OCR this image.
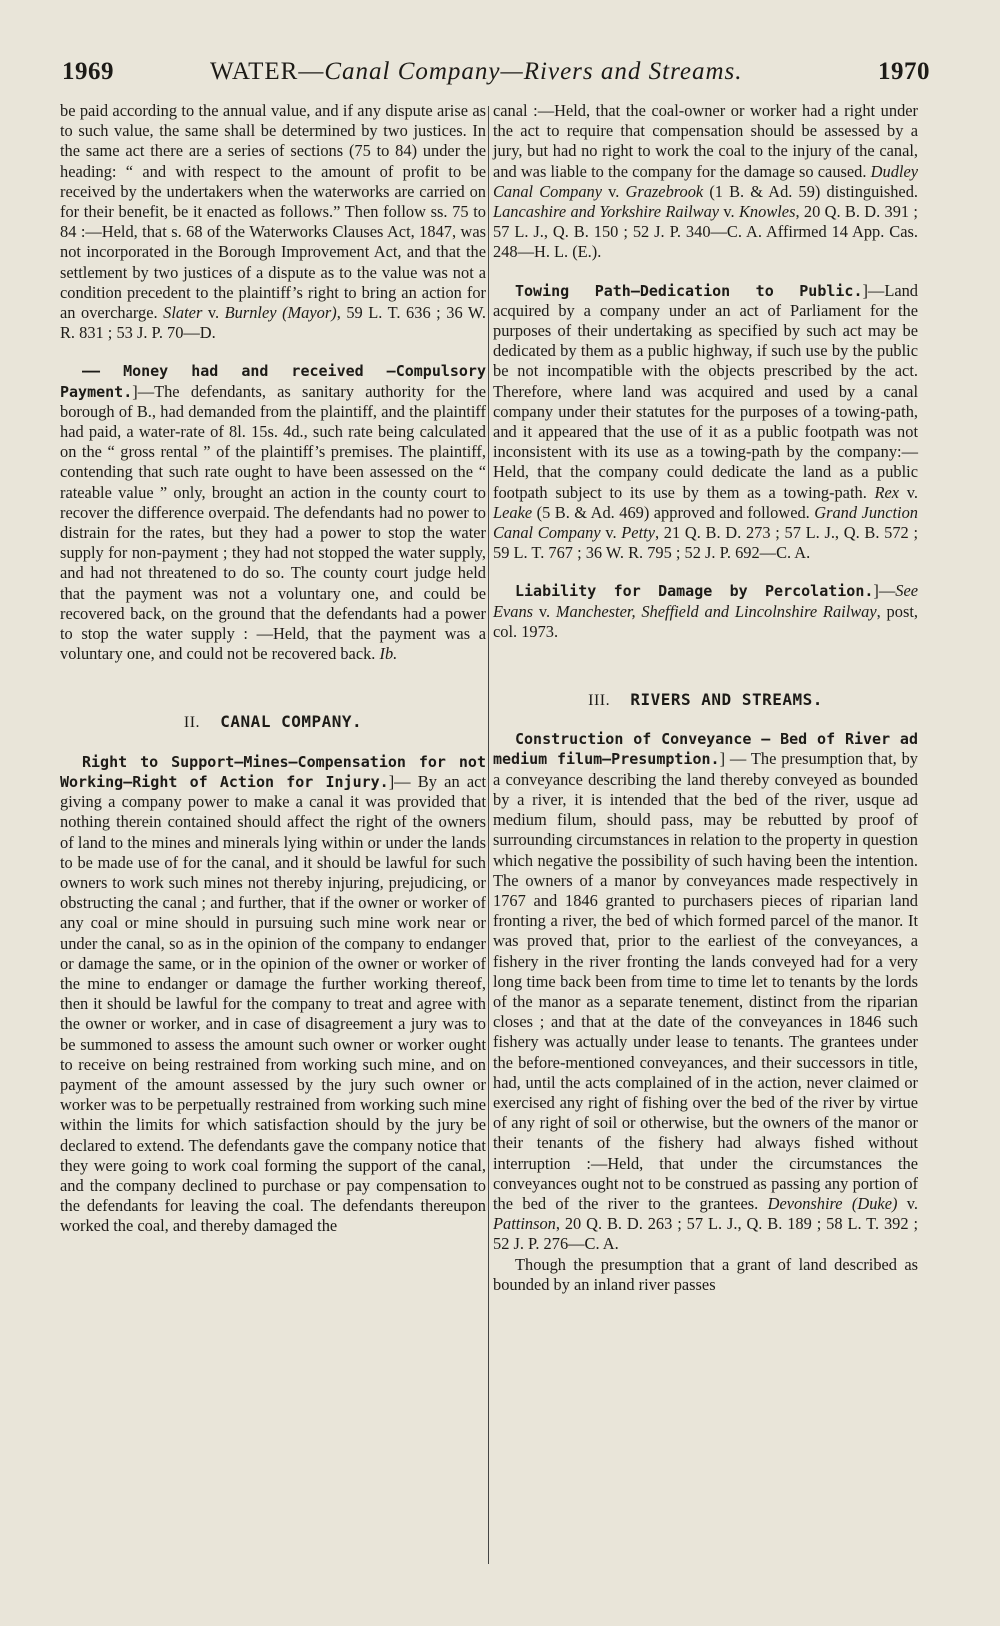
1969	WATER—Canal Company—Rivers and Streams.	1970

be paid according to the annual value, and if any dispute arise as to such value, the same shall be determined by two justices. In the same act there are a series of sections (75 to 84) under the heading: “ and with respect to the amount of profit to be received by the undertakers when the waterworks are carried on for their benefit, be it enacted as follows.” Then follow ss. 75 to 84 :—Held, that s. 68 of the Waterworks Clauses Act, 1847, was not incorporated in the Borough Improvement Act, and that the settlement by two justices of a dispute as to the value was not a condition precedent to the plaintiff’s right to bring an action for an overcharge. Slater v. Burnley (Mayor), 59 L. T. 636 ; 36 W. R. 831 ; 53 J. P. 70—D.

—— Money had and received —Compulsory Payment.]—The defendants, as sanitary authority for the borough of B., had demanded from the plaintiff, and the plaintiff had paid, a water-rate of 8l. 15s. 4d., such rate being calculated on the “ gross rental ” of the plaintiff’s premises. The plaintiff, contending that such rate ought to have been assessed on the “ rateable value ” only, brought an action in the county court to recover the difference overpaid. The defendants had no power to distrain for the rates, but they had a power to stop the water supply for non-payment ; they had not stopped the water supply, and had not threatened to do so. The county court judge held that the payment was not a voluntary one, and could be recovered back, on the ground that the defendants had a power to stop the water supply : —Held, that the payment was a voluntary one, and could not be recovered back. Ib.

II. CANAL COMPANY.

Right to Support—Mines—Compensation for not Working—Right of Action for Injury.]— By an act giving a company power to make a canal it was provided that nothing therein contained should affect the right of the owners of land to the mines and minerals lying within or under the lands to be made use of for the canal, and it should be lawful for such owners to work such mines not thereby injuring, prejudicing, or obstructing the canal ; and further, that if the owner or worker of any coal or mine should in pursuing such mine work near or under the canal, so as in the opinion of the company to endanger or damage the same, or in the opinion of the owner or worker of the mine to endanger or damage the further working thereof, then it should be lawful for the company to treat and agree with the owner or worker, and in case of disagreement a jury was to be summoned to assess the amount such owner or worker ought to receive on being restrained from working such mine, and on payment of the amount assessed by the jury such owner or worker was to be perpetually restrained from working such mine within the limits for which satisfaction should by the jury be declared to extend. The defendants gave the company notice that they were going to work coal forming the support of the canal, and the company declined to purchase or pay compensation to the defendants for leaving the coal. The defendants thereupon worked the coal, and thereby damaged the

canal :—Held, that the coal-owner or worker had a right under the act to require that compensation should be assessed by a jury, but had no right to work the coal to the injury of the canal, and was liable to the company for the damage so caused. Dudley Canal Company v. Grazebrook (1 B. & Ad. 59) distinguished. Lancashire and Yorkshire Railway v. Knowles, 20 Q. B. D. 391 ; 57 L. J., Q. B. 150 ; 52 J. P. 340—C. A. Affirmed 14 App. Cas. 248—H. L. (E.).

Towing Path—Dedication to Public.]—Land acquired by a company under an act of Parliament for the purposes of their undertaking as specified by such act may be dedicated by them as a public highway, if such use by the public be not incompatible with the objects prescribed by the act. Therefore, where land was acquired and used by a canal company under their statutes for the purposes of a towing-path, and it appeared that the use of it as a public footpath was not inconsistent with its use as a towing-path by the company:—Held, that the company could dedicate the land as a public footpath subject to its use by them as a towing-path. Rex v. Leake (5 B. & Ad. 469) approved and followed. Grand Junction Canal Company v. Petty, 21 Q. B. D. 273 ; 57 L. J., Q. B. 572 ; 59 L. T. 767 ; 36 W. R. 795 ; 52 J. P. 692—C. A.

Liability for Damage by Percolation.]—See Evans v. Manchester, Sheffield and Lincolnshire Railway, post, col. 1973.

III. RIVERS AND STREAMS.

Construction of Conveyance — Bed of River ad medium filum—Presumption.] — The presumption that, by a conveyance describing the land thereby conveyed as bounded by a river, it is intended that the bed of the river, usque ad medium filum, should pass, may be rebutted by proof of surrounding circumstances in relation to the property in question which negative the possibility of such having been the intention. The owners of a manor by conveyances made respectively in 1767 and 1846 granted to purchasers pieces of riparian land fronting a river, the bed of which formed parcel of the manor. It was proved that, prior to the earliest of the conveyances, a fishery in the river fronting the lands conveyed had for a very long time back been from time to time let to tenants by the lords of the manor as a separate tenement, distinct from the riparian closes ; and that at the date of the conveyances in 1846 such fishery was actually under lease to tenants. The grantees under the before-mentioned conveyances, and their successors in title, had, until the acts complained of in the action, never claimed or exercised any right of fishing over the bed of the river by virtue of any right of soil or otherwise, but the owners of the manor or their tenants of the fishery had always fished without interruption :—Held, that under the circumstances the conveyances ought not to be construed as passing any portion of the bed of the river to the grantees. Devonshire (Duke) v. Pattinson, 20 Q. B. D. 263 ; 57 L. J., Q. B. 189 ; 58 L. T. 392 ; 52 J. P. 276—C. A.

Though the presumption that a grant of land described as bounded by an inland river passes
